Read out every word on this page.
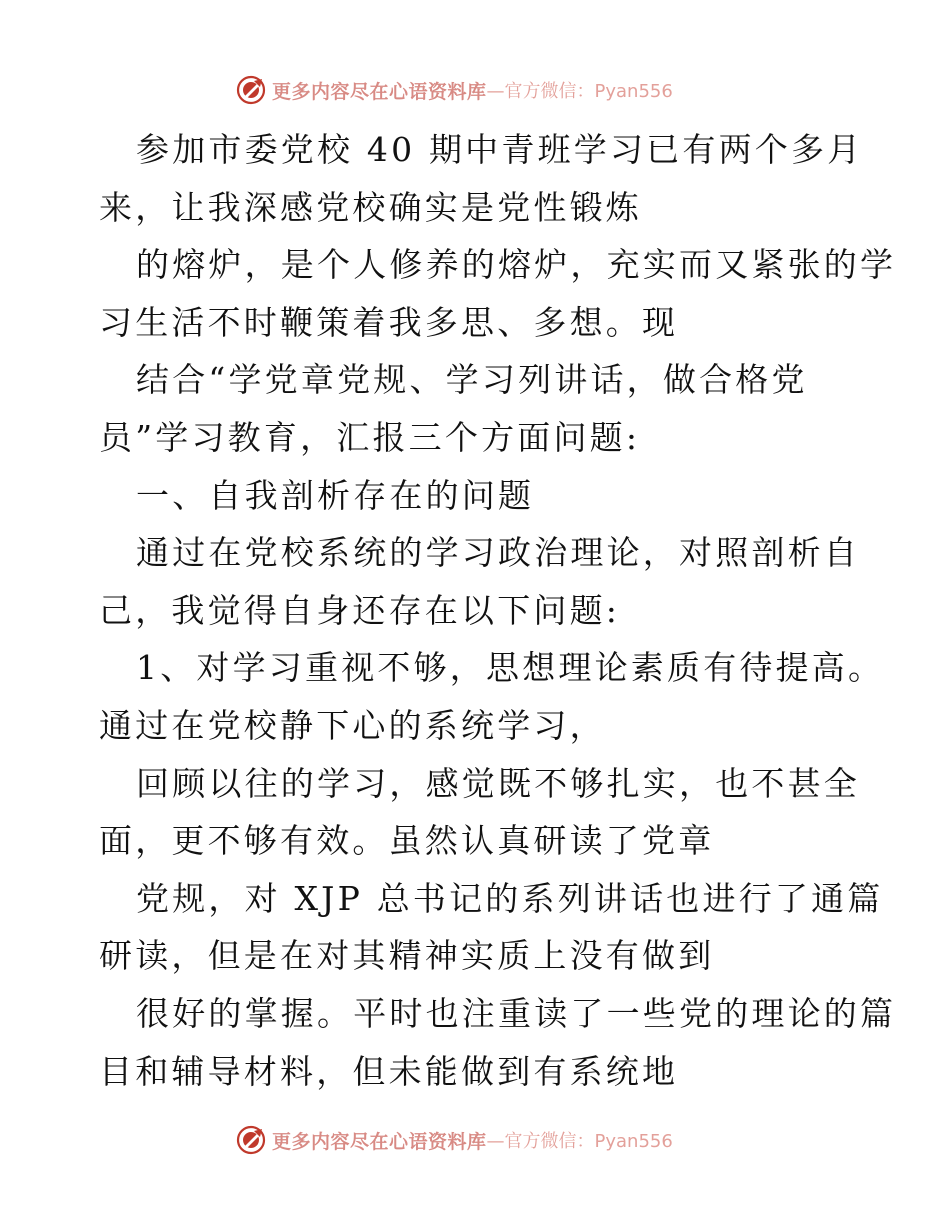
更多内容尽在心语资料库 —官方微信：Pyan556
参加市委党校 40 期中青班学习已有两个多月
来，让我深感党校确实是党性锻炼
的熔炉，是个人修养的熔炉，充实而又紧张的学
习生活不时鞭策着我多思、多想。现
结合“学党章党规、学习列讲话，做合格党
员”学习教育，汇报三个方面问题:
一、自我剖析存在的问题
通过在党校系统的学习政治理论，对照剖析自
己，我觉得自身还存在以下问题:
1、对学习重视不够，思想理论素质有待提高。
通过在党校静下心的系统学习，
回顾以往的学习，感觉既不够扎实，也不甚全
面，更不够有效。虽然认真研读了党章
党规，对 XJP 总书记的系列讲话也进行了通篇
研读，但是在对其精神实质上没有做到
很好的掌握。平时也注重读了一些党的理论的篇
目和辅导材料，但未能做到有系统地
更多内容尽在心语资料库 —官方微信：Pyan556
